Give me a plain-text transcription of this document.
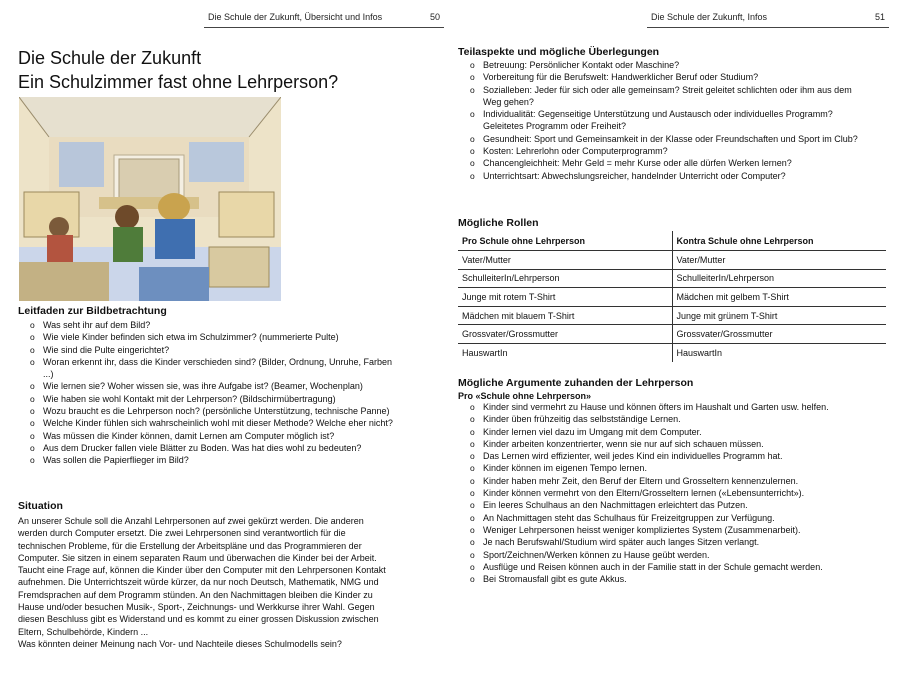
Die Schule der Zukunft, Übersicht und Infos	50
Die Schule der Zukunft
Ein Schulzimmer fast ohne Lehrperson?
Leitfaden zur Bildbetrachtung
o Was seht ihr auf dem Bild?
o Wie viele Kinder befinden sich etwa im Schulzimmer? (nummerierte Pulte)
o Wie sind die Pulte eingerichtet?
o Woran erkennt ihr, dass die Kinder verschieden sind? (Bilder, Ordnung, Unruhe, Farben ...)
o Wie lernen sie? Woher wissen sie, was ihre Aufgabe ist? (Beamer, Wochenplan)
o Wie haben sie wohl Kontakt mit der Lehrperson? (Bildschirmübertragung)
o Wozu braucht es die Lehrperson noch? (persönliche Unterstützung, technische Panne)
o Welche Kinder fühlen sich wahrscheinlich wohl mit dieser Methode? Welche eher nicht?
o Was müssen die Kinder können, damit Lernen am Computer möglich ist?
o Aus dem Drucker fallen viele Blätter zu Boden. Was hat dies wohl zu bedeuten?
o Was sollen die Papierflieger im Bild?
Situation
An unserer Schule soll die Anzahl Lehrpersonen auf zwei gekürzt werden. Die anderen werden durch Computer ersetzt. Die zwei Lehrpersonen sind verantwortlich für die technischen Probleme, für die Erstellung der Arbeitspläne und das Programmieren der Computer. Sie sitzen in einem separaten Raum und überwachen die Kinder bei der Arbeit. Taucht eine Frage auf, können die Kinder über den Computer mit den Lehrpersonen Kontakt aufnehmen. Die Unterrichtszeit würde kürzer, da nur noch Deutsch, Mathematik, NMG und Fremdsprachen auf dem Programm stünden. An den Nachmittagen bleiben die Kinder zu Hause und/oder besuchen Musik-, Sport-, Zeichnungs- und Werkkurse ihrer Wahl. Gegen diesen Beschluss gibt es Widerstand und es kommt zu einer grossen Diskussion zwischen Eltern, Schulbehörde, Kindern ...
Was könnten deiner Meinung nach Vor- und Nachteile dieses Schulmodells sein?
Die Schule der Zukunft, Infos	51
Teilaspekte und mögliche Überlegungen
o Betreuung: Persönlicher Kontakt oder Maschine?
o Vorbereitung für die Berufswelt: Handwerklicher Beruf oder Studium?
o Sozialleben: Jeder für sich oder alle gemeinsam? Streit geleitet schlichten oder ihm aus dem Weg gehen?
o Individualität: Gegenseitige Unterstützung und Austausch oder individuelles Programm? Geleitetes Programm oder Freiheit?
o Gesundheit: Sport und Gemeinsamkeit in der Klasse oder Freundschaften und Sport im Club?
o Kosten: Lehrerlohn oder Computerprogramm?
o Chancengleichheit: Mehr Geld = mehr Kurse oder alle dürfen Werken lernen?
o Unterrichtsart: Abwechslungsreicher, handelnder Unterricht oder Computer?
Mögliche Rollen
Pro Schule ohne Lehrperson	Kontra Schule ohne Lehrperson
Vater/Mutter	Vater/Mutter
SchulleiterIn/Lehrperson	SchulleiterIn/Lehrperson
Junge mit rotem T-Shirt	Mädchen mit gelbem T-Shirt
Mädchen mit blauem T-Shirt	Junge mit grünem T-Shirt
Grossvater/Grossmutter	Grossvater/Grossmutter
HauswartIn	HauswartIn
Mögliche Argumente zuhanden der Lehrperson
Pro «Schule ohne Lehrperson»
o Kinder sind vermehrt zu Hause und können öfters im Haushalt und Garten usw. helfen.
o Kinder üben frühzeitig das selbstständige Lernen.
o Kinder lernen viel dazu im Umgang mit dem Computer.
o Kinder arbeiten konzentrierter, wenn sie nur auf sich schauen müssen.
o Das Lernen wird effizienter, weil jedes Kind ein individuelles Programm hat.
o Kinder können im eigenen Tempo lernen.
o Kinder haben mehr Zeit, den Beruf der Eltern und Grosseltern kennenzulernen.
o Kinder können vermehrt von den Eltern/Grosseltern lernen («Lebensunterricht»).
o Ein leeres Schulhaus an den Nachmittagen erleichtert das Putzen.
o An Nachmittagen steht das Schulhaus für Freizeitgruppen zur Verfügung.
o Weniger Lehrpersonen heisst weniger kompliziertes System (Zusammenarbeit).
o Je nach Berufswahl/Studium wird später auch langes Sitzen verlangt.
o Sport/Zeichnen/Werken können zu Hause geübt werden.
o Ausflüge und Reisen können auch in der Familie statt in der Schule gemacht werden.
o Bei Stromausfall gibt es gute Akkus.
